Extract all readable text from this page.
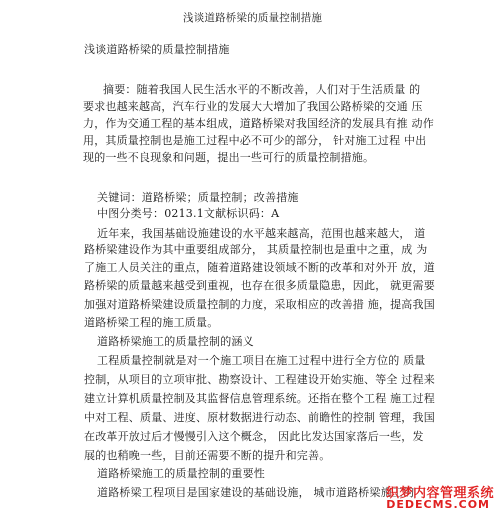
浅谈道路桥梁的质量控制措施
浅谈道路桥梁的质量控制措施
摘要：随着我国人民生活水平的不断改善，人们对于生活质量 的
要求也越来越高，汽车行业的发展大大增加了我国公路桥梁的交通 压
力，作为交通工程的基本组成，道路桥梁对我国经济的发展具有推 动作
用，其质量控制也是施工过程中必不可少的部分， 针对施工过程 中出
现的一些不良现象和问题，提出一些可行的质量控制措施。
关键词：道路桥梁；质量控制；改善措施
中图分类号：0213.1文献标识码：A
近年来，我国基础设施建设的水平越来越高，范围也越来越大， 道
路桥梁建设作为其中重要组成部分， 其质量控制也是重中之重，成 为
了施工人员关注的重点，随着道路建设领域不断的改革和对外开 放，道
路桥梁的质量越来越受到重视，也存在很多质量隐患，因此， 就更需要
加强对道路桥梁建设质量控制的力度，采取相应的改善措 施，提高我国
道路桥梁工程的施工质量。
道路桥梁施工的质量控制的涵义
工程质量控制就是对一个施工项目在施工过程中进行全方位的 质量
控制，从项目的立项审批、勘察设计、工程建设开始实施、等全 过程来
建立计算机质量控制及其监督信息管理系统。还指在整个工程 施工过程
中对工程、质量、进度、原材数据进行动态、前瞻性的控制 管理，我国
在改革开放过后才慢慢引入这个概念， 因此比发达国家落后一些，发
展的也稍晚一些，目前还需要不断的提升和完善。
道路桥梁施工的质量控制的重要性
道路桥梁工程项目是国家建设的基础设施， 城市道路桥梁施工的
织梦内容管理系统
DEDECMS.COM
